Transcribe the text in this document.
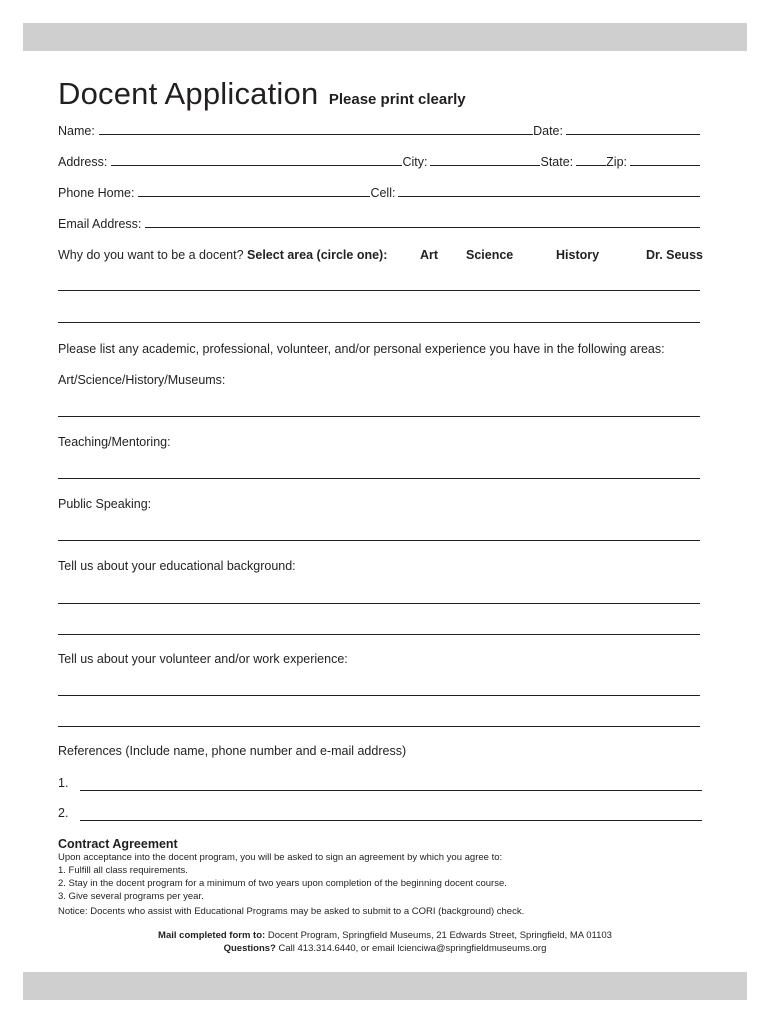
Docent Application Please print clearly
Name:	Date:
Address:	City:	State:	Zip:
Phone Home:	Cell:
Email Address:
Why do you want to be a docent? Select area (circle one):	Art Science	History	Dr. Seuss
Please list any academic, professional, volunteer, and/or personal experience you have in the following areas:
Art/Science/History/Museums:
Teaching/Mentoring:
Public Speaking:
Tell us about your educational background:
Tell us about your volunteer and/or work experience:
References (Include name, phone number and e-mail address)
1.
2.
Contract Agreement
Upon acceptance into the docent program, you will be asked to sign an agreement by which you agree to:
1. Fulfill all class requirements.
2. Stay in the docent program for a minimum of two years upon completion of the beginning docent course.
3. Give several programs per year.
Notice: Docents who assist with Educational Programs may be asked to submit to a CORI (background) check.
Mail completed form to: Docent Program, Springfield Museums, 21 Edwards Street, Springfield, MA 01103
Questions? Call 413.314.6440, or email lcienciwa@springfieldmuseums.org
